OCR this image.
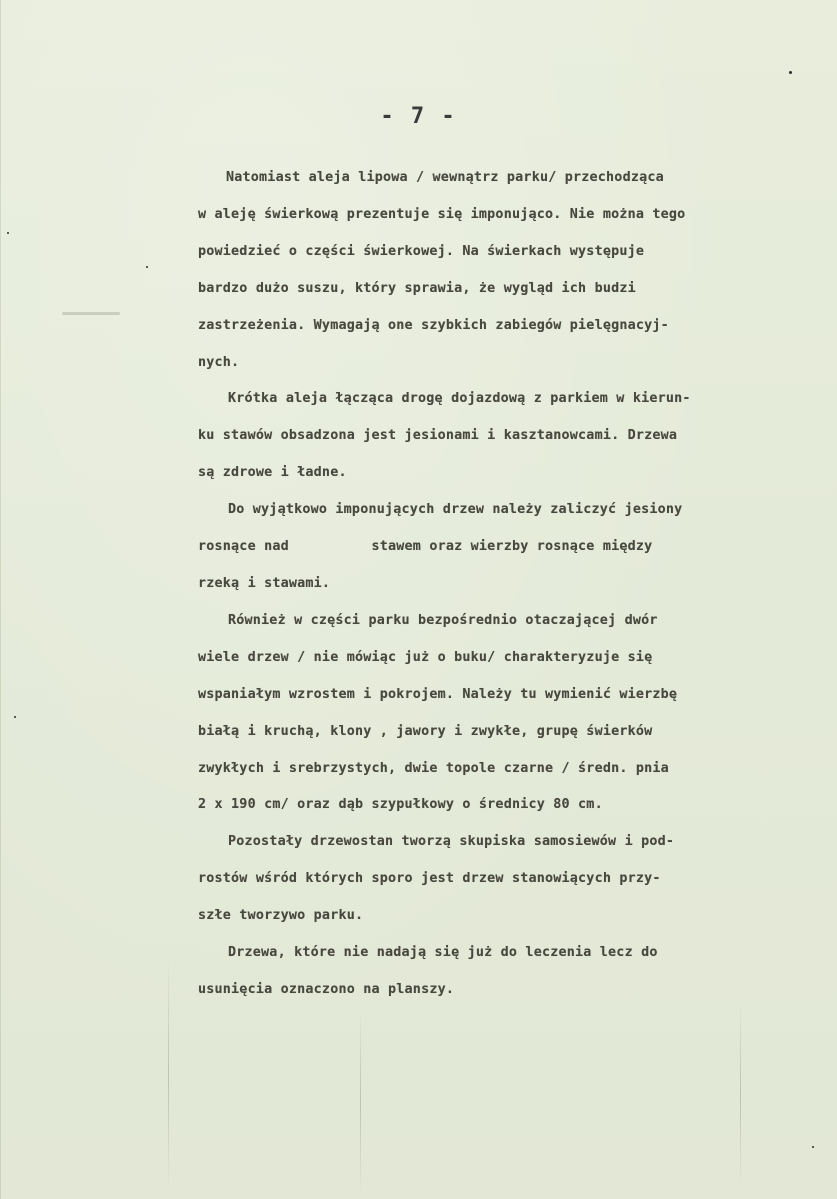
- 7 -
Natomiast aleja lipowa / wewnątrz parku/ przechodząca
w aleję świerkową prezentuje się imponująco. Nie można tego
powiedzieć o części świerkowej. Na świerkach występuje
bardzo dużo suszu, który sprawia, że wygląd ich budzi
zastrzeżenia. Wymagają one szybkich zabiegów pielęgnacyj-
nych.
Krótka aleja łącząca drogę dojazdową z parkiem w kierun-
ku stawów obsadzona jest jesionami i kasztanowcami. Drzewa
są zdrowe i ładne.
Do wyjątkowo imponujących drzew należy zaliczyć jesiony
rosnące nad          stawem oraz wierzby rosnące między
rzeką i stawami.
Również w części parku bezpośrednio otaczającej dwór
wiele drzew / nie mówiąc już o buku/ charakteryzuje się
wspaniałym wzrostem i pokrojem. Należy tu wymienić wierzbę
białą i kruchą, klony , jawory i zwykłe, grupę świerków
zwykłych i srebrzystych, dwie topole czarne / średn. pnia
2 x 190 cm/ oraz dąb szypułkowy o średnicy 80 cm.
Pozostały drzewostan tworzą skupiska samosiewów i pod-
rostów wśród których sporo jest drzew stanowiących przy-
szłe tworzywo parku.
Drzewa, które nie nadają się już do leczenia lecz do
usunięcia oznaczono na planszy.
